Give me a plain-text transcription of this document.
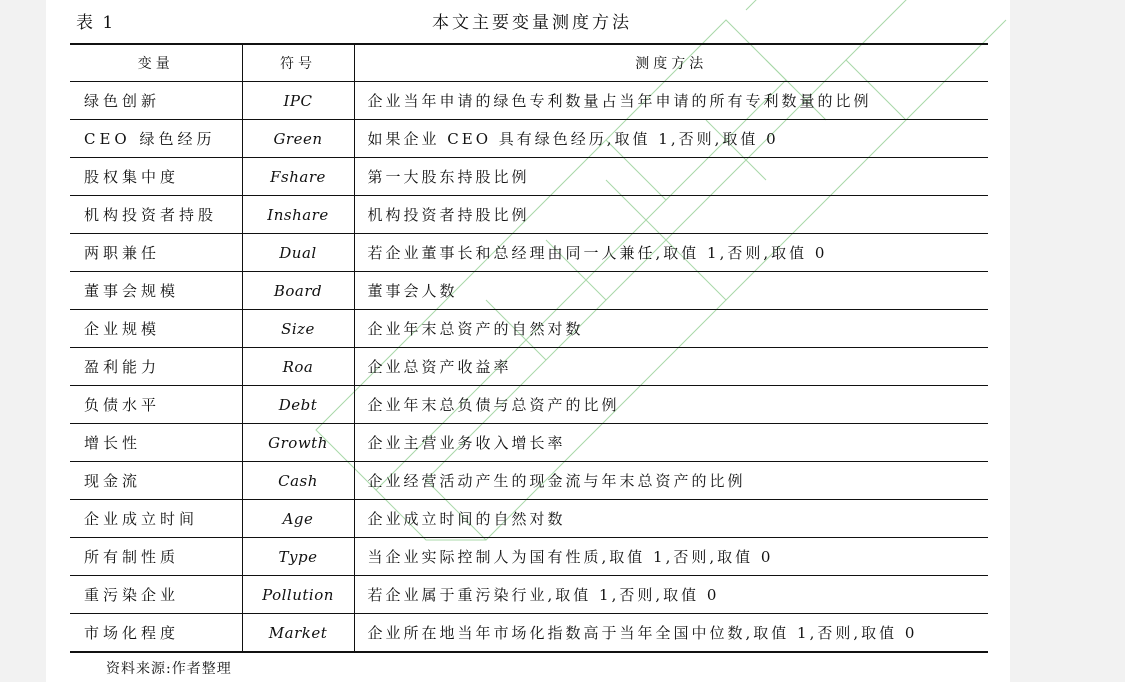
表 1	本文主要变量测度方法
变量	符号	测度方法
绿色创新	IPC	企业当年申请的绿色专利数量占当年申请的所有专利数量的比例
CEO 绿色经历	Green	如果企业 CEO 具有绿色经历,取值 1,否则,取值 0
股权集中度	Fshare	第一大股东持股比例
机构投资者持股	Inshare	机构投资者持股比例
两职兼任	Dual	若企业董事长和总经理由同一人兼任,取值 1,否则,取值 0
董事会规模	Board	董事会人数
企业规模	Size	企业年末总资产的自然对数
盈利能力	Roa	企业总资产收益率
负债水平	Debt	企业年末总负债与总资产的比例
增长性	Growth	企业主营业务收入增长率
现金流	Cash	企业经营活动产生的现金流与年末总资产的比例
企业成立时间	Age	企业成立时间的自然对数
所有制性质	Type	当企业实际控制人为国有性质,取值 1,否则,取值 0
重污染企业	Pollution	若企业属于重污染行业,取值 1,否则,取值 0
市场化程度	Market	企业所在地当年市场化指数高于当年全国中位数,取值 1,否则,取值 0
资料来源:作者整理
